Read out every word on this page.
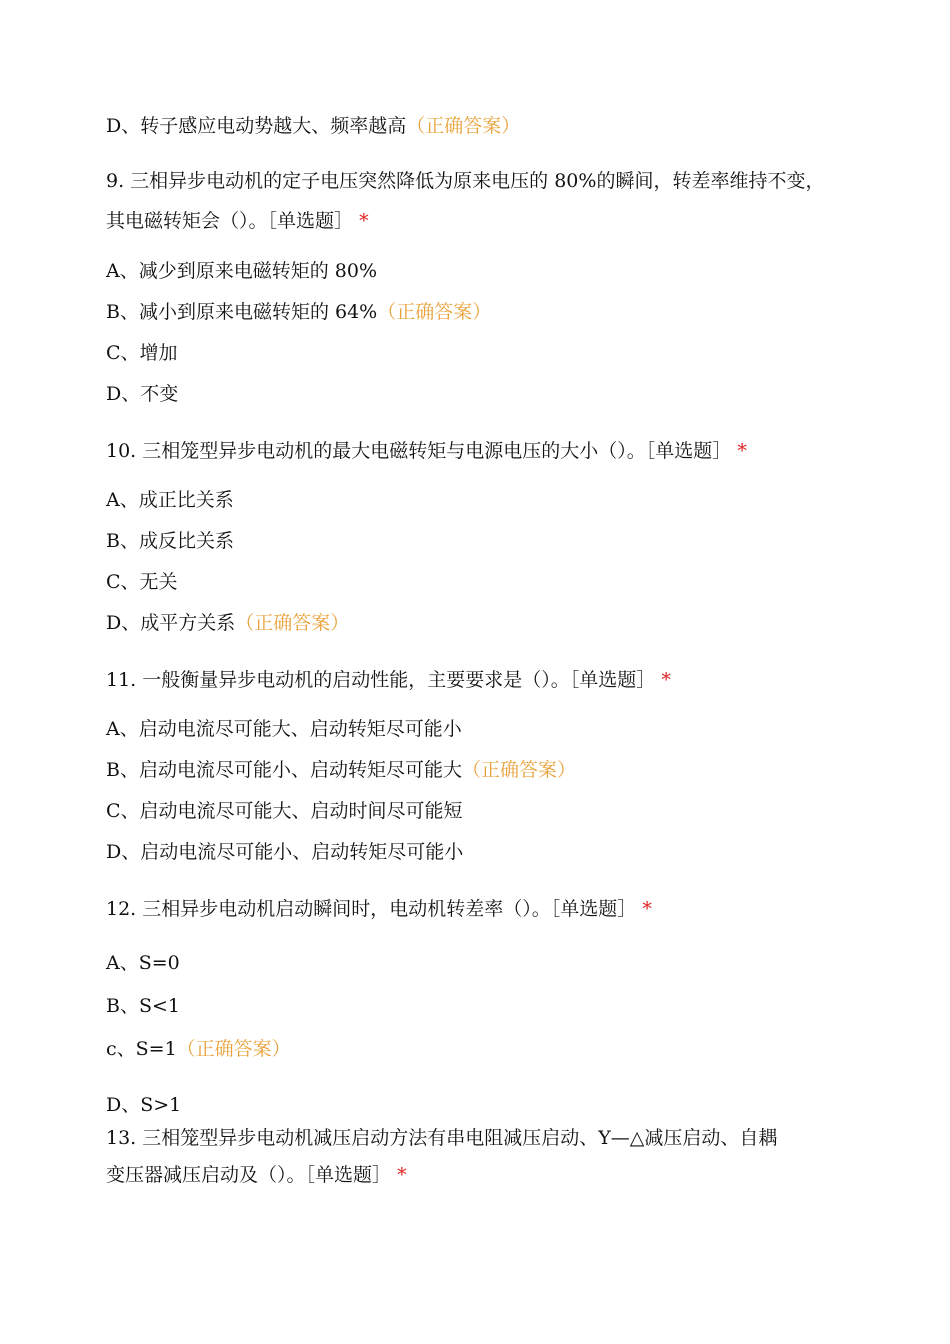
D、转子感应电动势越大、频率越高（正确答案）
9. 三相异步电动机的定子电压突然降低为原来电压的 80%的瞬间，转差率维持不变，
其电磁转矩会（）。［单选题］ *
A、减少到原来电磁转矩的 80%
B、减小到原来电磁转矩的 64%（正确答案）
C、增加
D、不变
10. 三相笼型异步电动机的最大电磁转矩与电源电压的大小（）。［单选题］ *
A、成正比关系
B、成反比关系
C、无关
D、成平方关系（正确答案）
11. 一般衡量异步电动机的启动性能，主要要求是（）。［单选题］ *
A、启动电流尽可能大、启动转矩尽可能小
B、启动电流尽可能小、启动转矩尽可能大（正确答案）
C、启动电流尽可能大、启动时间尽可能短
D、启动电流尽可能小、启动转矩尽可能小
12. 三相异步电动机启动瞬间时，电动机转差率（）。［单选题］ *
A、S=0
B、S<1
c、S=1（正确答案）
D、S>1
13. 三相笼型异步电动机减压启动方法有串电阻减压启动、Y—△减压启动、自耦
变压器减压启动及（）。［单选题］ *
